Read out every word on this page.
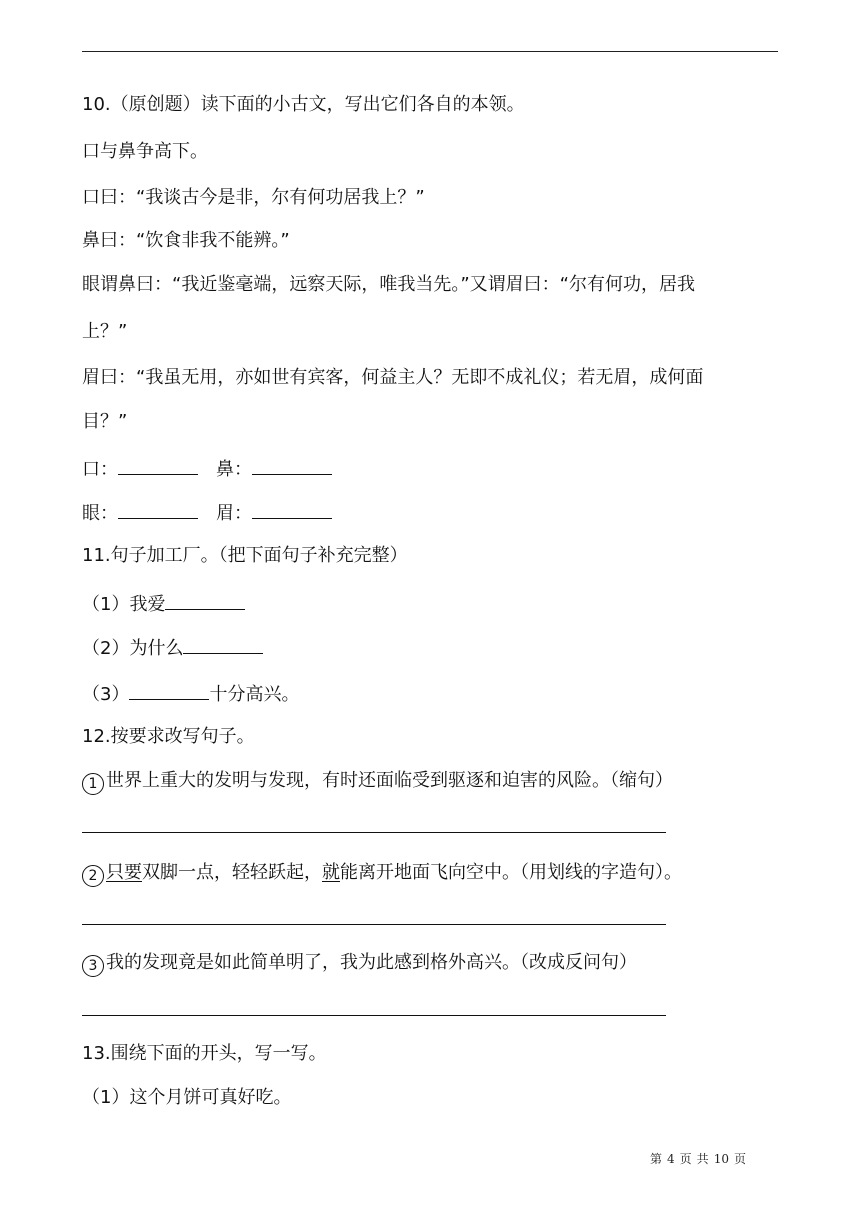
10.（原创题）读下面的小古文，写出它们各自的本领。
口与鼻争高下。
口曰：“我谈古今是非，尔有何功居我上？”
鼻曰：“饮食非我不能辨。”
眼谓鼻曰：“我近鉴毫端，远察天际，唯我当先。”又谓眉曰：“尔有何功，居我
上？”
眉曰：“我虽无用，亦如世有宾客，何益主人？无即不成礼仪；若无眉，成何面
目？”
口：	鼻：
眼：	眉：
11.句子加工厂。（把下面句子补充完整）
（1）我爱
（2）为什么
（3）	十分高兴。
12.按要求改写句子。
1 世界上重大的发明与发现，有时还面临受到驱逐和迫害的风险。（缩句）
2 只要双脚一点，轻轻跃起，就能离开地面飞向空中。（用划线的字造句）。
3 我的发现竟是如此简单明了，我为此感到格外高兴。（改成反问句）
13.围绕下面的开头，写一写。
（1）这个月饼可真好吃。
第 4 页 共 10 页
